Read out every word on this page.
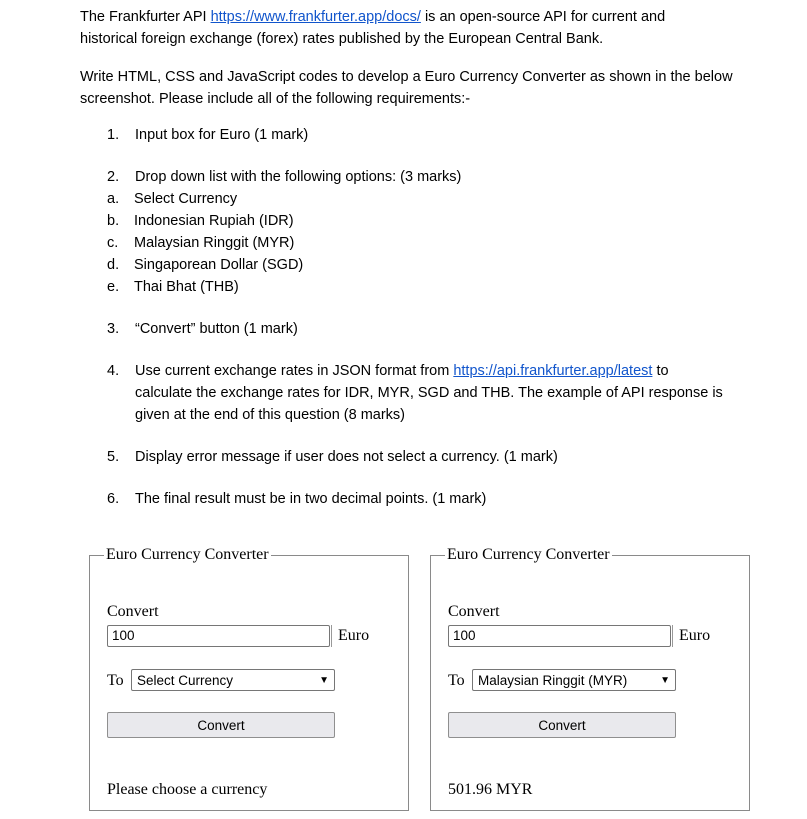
The Frankfurter API https://www.frankfurter.app/docs/ is an open-source API for current and
historical foreign exchange (forex) rates published by the European Central Bank.

Write HTML, CSS and JavaScript codes to develop a Euro Currency Converter as shown in the below
screenshot. Please include all of the following requirements:-

1. Input box for Euro (1 mark)
2. Drop down list with the following options: (3 marks)
a. Select Currency
b. Indonesian Rupiah (IDR)
c. Malaysian Ringgit (MYR)
d. Singaporean Dollar (SGD)
e. Thai Bhat (THB)
3. “Convert” button (1 mark)
4. Use current exchange rates in JSON format from https://api.frankfurter.app/latest to
calculate the exchange rates for IDR, MYR, SGD and THB. The example of API response is
given at the end of this question (8 marks)
5. Display error message if user does not select a currency. (1 mark)
6. The final result must be in two decimal points. (1 mark)
Euro Currency Converter
Convert
100	Euro
To Select Currency	▼
Convert
Please choose a currency
Euro Currency Converter
Convert
100	Euro
To Malaysian Ringgit (MYR)	▼
Convert
501.96 MYR
